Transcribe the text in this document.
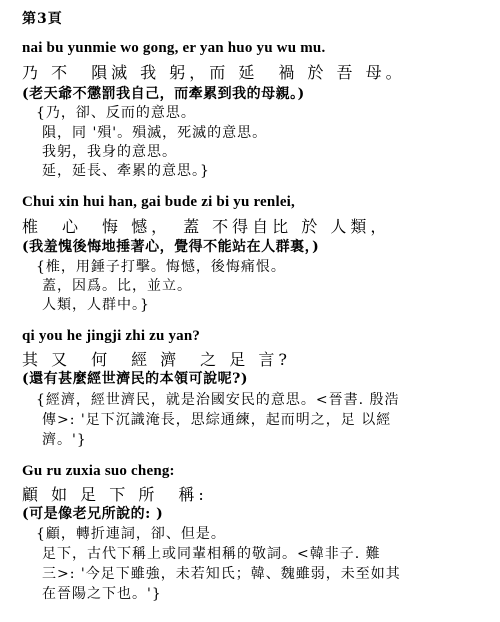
第3頁
nai bu yunmie wo gong, er yan huo yu wu mu.
乃 不　隕滅 我 躬，而 延　禍 於 吾 母。
(老天爺不懲罰我自己，而牽累到我的母親。)
{乃，卻、反而的意思。
隕，同 '殞'。殞滅，死滅的意思。
我躬，我身的意思。
延，延長、牽累的意思。}
Chui xin hui han, gai bude zi bi yu renlei,
椎　心　悔 憾，　蓋 不得自比 於 人類，
(我羞愧後悔地捶著心，覺得不能站在人群裏，)
{椎，用錘子打擊。悔憾，後悔痛恨。
蓋，因爲。比，並立。
人類，人群中。}
qi you he jingji zhi zu yan?
其 又　何　經 濟　之 足 言?
(還有甚麼經世濟民的本領可說呢?)
{經濟，經世濟民，就是治國安民的意思。<晉書. 殷浩
傳>: '足下沉識淹長，思綜通練，起而明之，足 以經
濟。'}
Gu ru zuxia suo cheng:
顧 如 足 下 所　稱:
(可是像老兄所說的: )
{顧，轉折連詞，卻、但是。
足下，古代下稱上或同輩相稱的敬詞。<韓非子. 難
三>: '今足下雖強，未若知氏；韓、魏雖弱，未至如其
在晉陽之下也。'}
